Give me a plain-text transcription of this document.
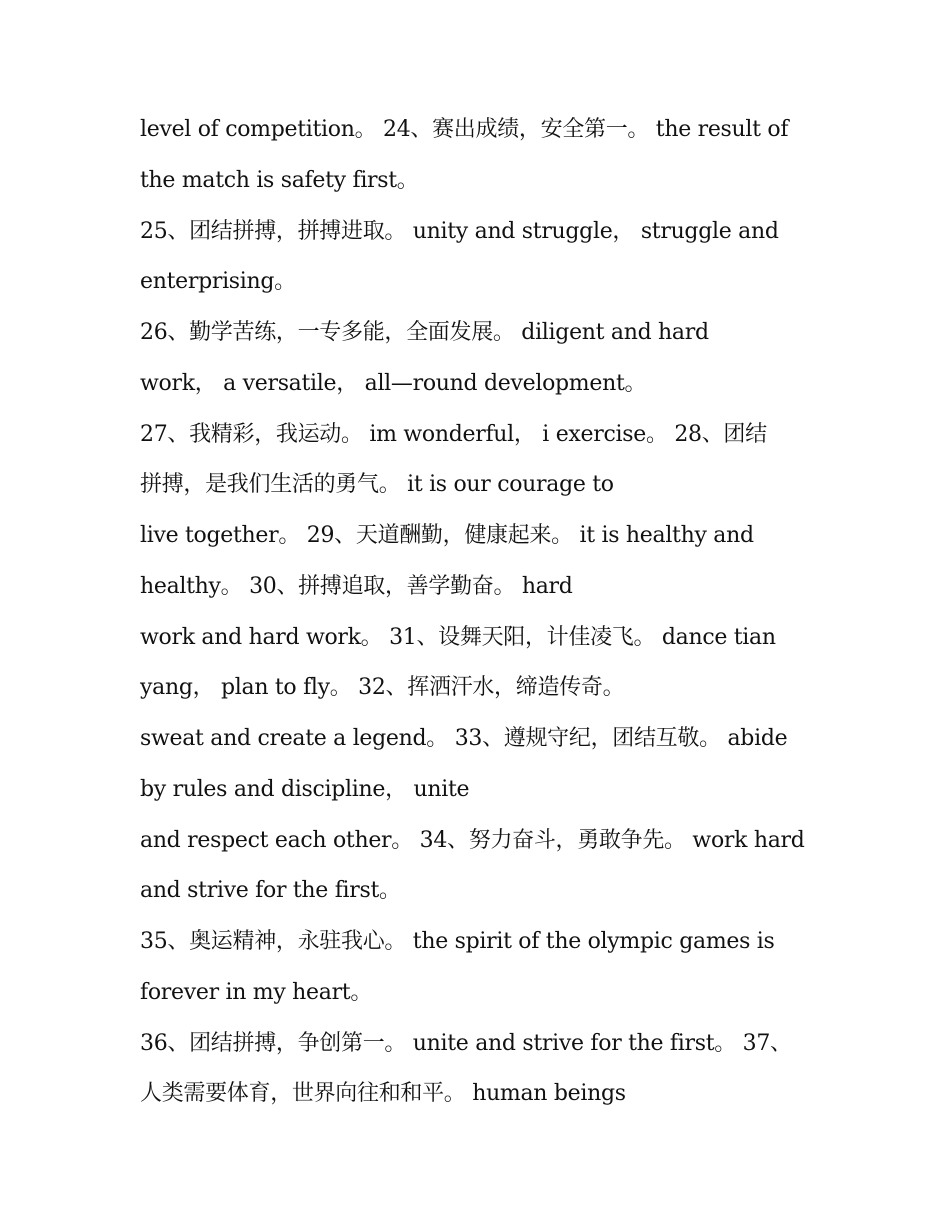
level of competition。 24、赛出成绩，安全第一。 the result of
the match is safety first。
25、团结拼搏，拼搏进取。 unity and struggle， struggle and
enterprising。
26、勤学苦练，一专多能，全面发展。 diligent and hard
work， a versatile， all—round development。
27、我精彩，我运动。 im wonderful， i exercise。 28、团结
拼搏，是我们生活的勇气。 it is our courage to
live together。 29、天道酬勤，健康起来。 it is healthy and
healthy。 30、拼搏追取，善学勤奋。 hard
work and hard work。 31、设舞天阳，计佳凌飞。 dance tian
yang， plan to fly。 32、挥洒汗水，缔造传奇。
sweat and create a legend。 33、遵规守纪，团结互敬。 abide
by rules and discipline， unite
and respect each other。 34、努力奋斗，勇敢争先。 work hard
and strive for the first。
35、奥运精神，永驻我心。 the spirit of the olympic games is
forever in my heart。
36、团结拼搏，争创第一。 unite and strive for the first。 37、
人类需要体育，世界向往和和平。 human beings
